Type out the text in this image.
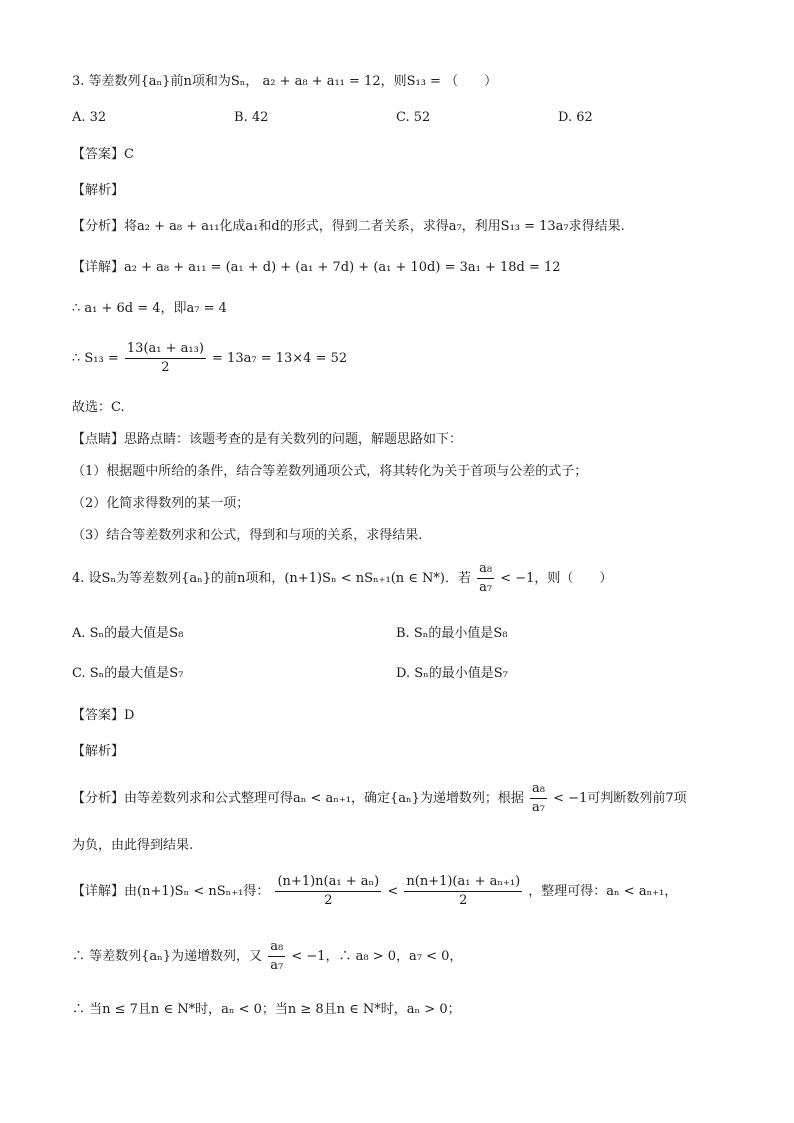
3. 等差数列{aₙ}前n项和为Sₙ， a₂ + a₈ + a₁₁ = 12，则S₁₃ = （　　）
A. 32	B. 42	C. 52	D. 62
【答案】C
【解析】
【分析】将a₂ + a₈ + a₁₁化成a₁和d的形式，得到二者关系，求得a₇，利用S₁₃ = 13a₇求得结果.
【详解】a₂ + a₈ + a₁₁ = (a₁ + d) + (a₁ + 7d) + (a₁ + 10d) = 3a₁ + 18d = 12
∴ a₁ + 6d = 4，即a₇ = 4
∴ $S_{13} = \frac{\text{13(a₁ + a₁₃)}}{2} = 13a_7 = 13\times 4 = 52$
故选：C.
【点睛】思路点睛：该题考查的是有关数列的问题，解题思路如下：
（1）根据题中所给的条件，结合等差数列通项公式，将其转化为关于首项与公差的式子；
（2）化简求得数列的某一项；
（3）结合等差数列求和公式，得到和与项的关系，求得结果.
4. 设Sₙ为等差数列{aₙ}的前n项和，(n+1)Sₙ < nSₙ₊₁(n ∈ N*)．若 $\frac{\text{a₈}}{\text{a₇}} < -1$，则（　　）
A. Sₙ的最大值是S₈	B. Sₙ的最小值是S₈
C. Sₙ的最大值是S₇	D. Sₙ的最小值是S₇
【答案】D
【解析】
【分析】由等差数列求和公式整理可得aₙ < aₙ₊₁，确定{aₙ}为递增数列；根据 $\frac{\text{a₈}}{\text{a₇}} < -1$可判断数列前7项
为负，由此得到结果.
【详解】由(n+1)Sₙ < nSₙ₊₁得： $\frac{\text{(n+1)n(a₁ + aₙ)}}{2} < \frac{\text{n(n+1)(a₁ + aₙ₊₁)}}{2}$ ，整理可得：aₙ < aₙ₊₁，
∴ 等差数列{aₙ}为递增数列，又 $\frac{\text{a₈}}{\text{a₇}} < -1$，∴ a₈ > 0，a₇ < 0，
∴ 当n ≤ 7且n ∈ N*时，aₙ < 0；当n ≥ 8且n ∈ N*时，aₙ > 0；
